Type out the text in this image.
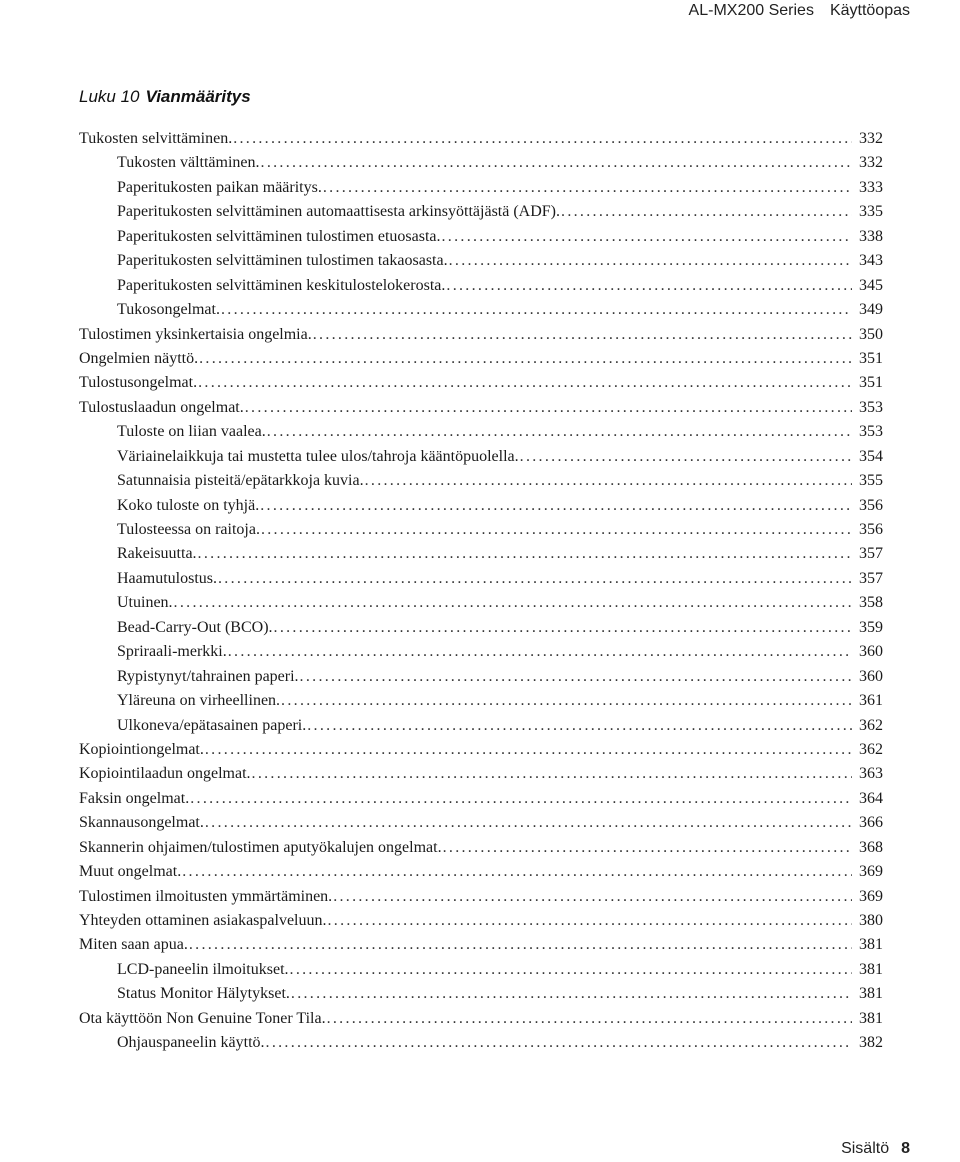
AL-MX200 Series Käyttöopas
Luku 10 Vianmääritys
Tukosten selvittäminen. .....	332
Tukosten välttäminen. .....	332
Paperitukosten paikan määritys. .....	333
Paperitukosten selvittäminen automaattisesta arkinsyöttäjästä (ADF). .....	335
Paperitukosten selvittäminen tulostimen etuosasta. .....	338
Paperitukosten selvittäminen tulostimen takaosasta. .....	343
Paperitukosten selvittäminen keskitulostelokerosta. .....	345
Tukosongelmat. .....	349
Tulostimen yksinkertaisia ongelmia. .....	350
Ongelmien näyttö. .....	351
Tulostusongelmat. .....	351
Tulostuslaadun ongelmat. .....	353
Tuloste on liian vaalea. .....	353
Väriainelaikkuja tai mustetta tulee ulos/tahroja kääntöpuolella. .....	354
Satunnaisia pisteitä/epätarkkoja kuvia. .....	355
Koko tuloste on tyhjä. .....	356
Tulosteessa on raitoja. .....	356
Rakeisuutta. .....	357
Haamutulostus. .....	357
Utuinen. .....	358
Bead-Carry-Out (BCO). .....	359
Spriraali-merkki. .....	360
Rypistynyt/tahrainen paperi. .....	360
Yläreuna on virheellinen. .....	361
Ulkoneva/epätasainen paperi. .....	362
Kopiointiongelmat. .....	362
Kopiointilaadun ongelmat. .....	363
Faksin ongelmat. .....	364
Skannausongelmat. .....	366
Skannerin ohjaimen/tulostimen aputyökalujen ongelmat. .....	368
Muut ongelmat. .....	369
Tulostimen ilmoitusten ymmärtäminen. .....	369
Yhteyden ottaminen asiakaspalveluun. .....	380
Miten saan apua. .....	381
LCD-paneelin ilmoitukset. .....	381
Status Monitor Hälytykset. .....	381
Ota käyttöön Non Genuine Toner Tila. .....	381
Ohjauspaneelin käyttö. .....	382
Sisältö 8
